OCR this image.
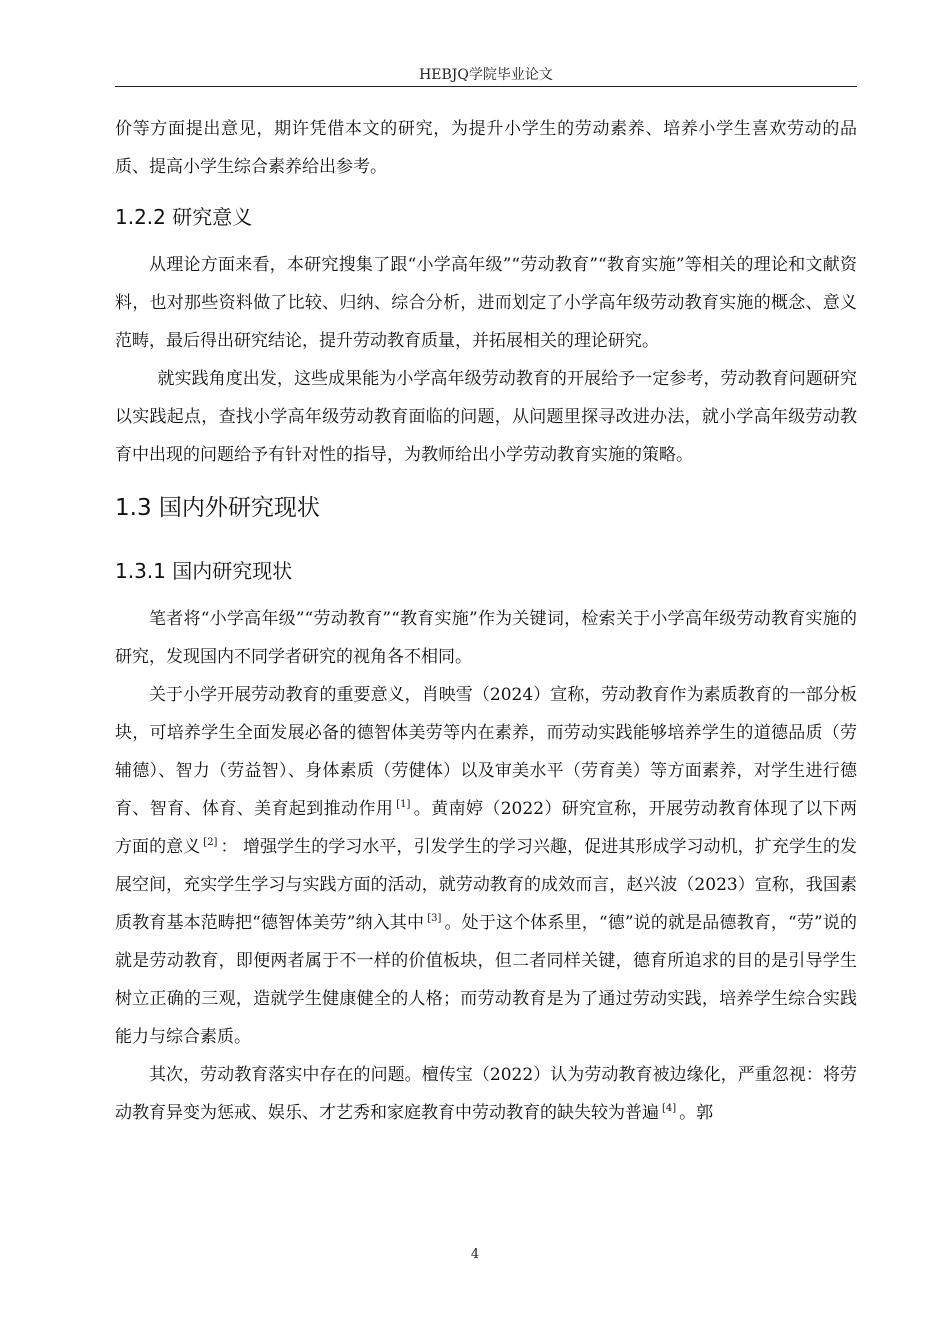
HEBJQ学院毕业论文

价等方面提出意见，期许凭借本文的研究，为提升小学生的劳动素养、培养小学生喜欢劳动的品质、提高小学生综合素养给出参考。

1.2.2 研究意义

从理论方面来看，本研究搜集了跟“小学高年级”“劳动教育”“教育实施”等相关的理论和文献资料，也对那些资料做了比较、归纳、综合分析，进而划定了小学高年级劳动教育实施的概念、意义范畴，最后得出研究结论，提升劳动教育质量，并拓展相关的理论研究。

就实践角度出发，这些成果能为小学高年级劳动教育的开展给予一定参考，劳动教育问题研究以实践起点，查找小学高年级劳动教育面临的问题，从问题里探寻改进办法，就小学高年级劳动教育中出现的问题给予有针对性的指导，为教师给出小学劳动教育实施的策略。

1.3 国内外研究现状
1.3.1 国内研究现状

笔者将“小学高年级”“劳动教育”“教育实施”作为关键词，检索关于小学高年级劳动教育实施的研究，发现国内不同学者研究的视角各不相同。

关于小学开展劳动教育的重要意义，肖映雪（2024）宣称，劳动教育作为素质教育的一部分板块，可培养学生全面发展必备的德智体美劳等内在素养，而劳动实践能够培养学生的道德品质（劳辅德）、智力（劳益智）、身体素质（劳健体）以及审美水平（劳育美）等方面素养，对学生进行德育、智育、体育、美育起到推动作用 [1] 。黄南婷（2022）研究宣称，开展劳动教育体现了以下两方面的意义 [2] ： 增强学生的学习水平，引发学生的学习兴趣，促进其形成学习动机，扩充学生的发展空间，充实学生学习与实践方面的活动，就劳动教育的成效而言，赵兴波（2023）宣称，我国素质教育基本范畴把“德智体美劳”纳入其中 [3] 。处于这个体系里，“德”说的就是品德教育，“劳”说的就是劳动教育，即便两者属于不一样的价值板块，但二者同样关键，德育所追求的目的是引导学生树立正确的三观，造就学生健康健全的人格；而劳动教育是为了通过劳动实践，培养学生综合实践能力与综合素质。

其次，劳动教育落实中存在的问题。檀传宝（2022）认为劳动教育被边缘化，严重忽视：将劳动教育异变为惩戒、娱乐、才艺秀和家庭教育中劳动教育的缺失较为普遍 [4] 。郭

4
